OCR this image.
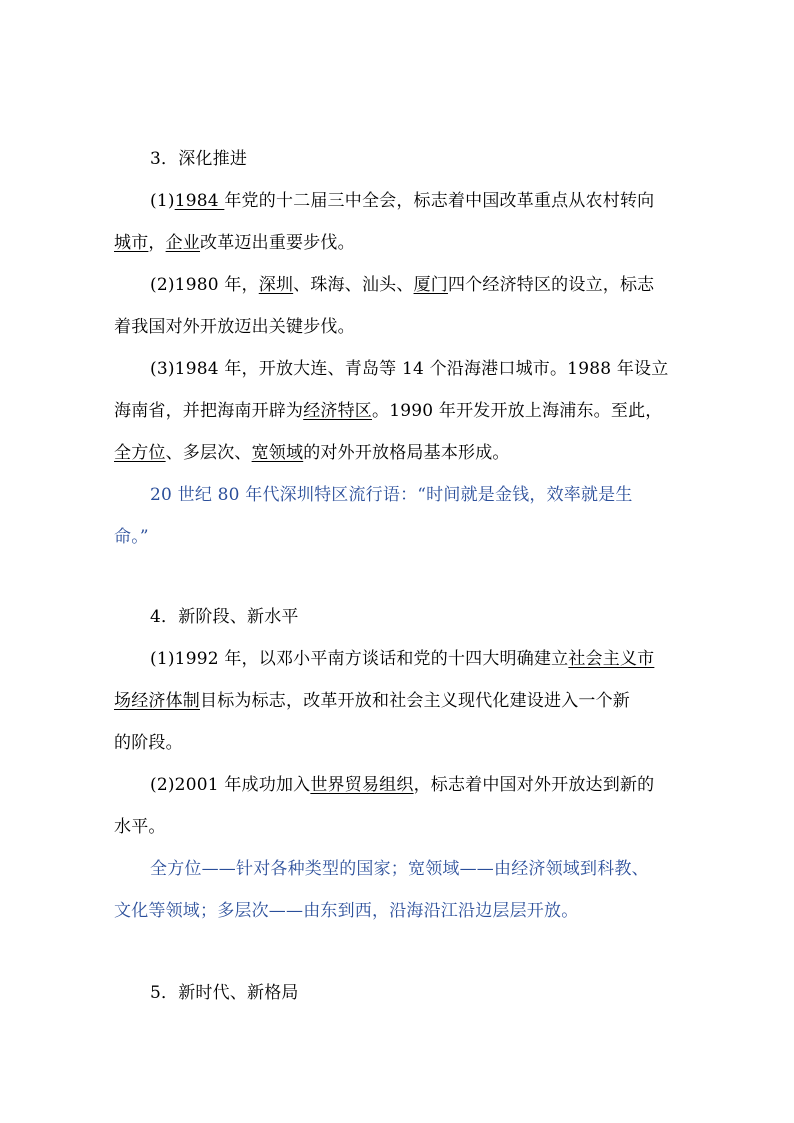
3．深化推进
(1)1984 年党的十二届三中全会，标志着中国改革重点从农村转向
城市，企业改革迈出重要步伐。
(2)1980 年，深圳、珠海、汕头、厦门四个经济特区的设立，标志
着我国对外开放迈出关键步伐。
(3)1984 年，开放大连、青岛等 14 个沿海港口城市。1988 年设立
海南省，并把海南开辟为经济特区。1990 年开发开放上海浦东。至此，
全方位、多层次、宽领域的对外开放格局基本形成。
20 世纪 80 年代深圳特区流行语：“时间就是金钱，效率就是生
命。”
4．新阶段、新水平
(1)1992 年，以邓小平南方谈话和党的十四大明确建立社会主义市
场经济体制目标为标志，改革开放和社会主义现代化建设进入一个新
的阶段。
(2)2001 年成功加入世界贸易组织，标志着中国对外开放达到新的
水平。
全方位——针对各种类型的国家；宽领域——由经济领域到科教、
文化等领域；多层次——由东到西，沿海沿江沿边层层开放。
5．新时代、新格局
